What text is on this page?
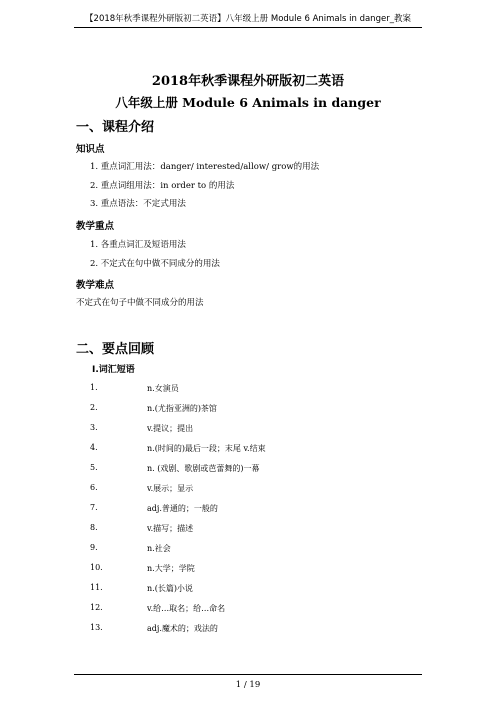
【2018年秋季课程外研版初二英语】八年级上册 Module 6 Animals in danger_教案
2018年秋季课程外研版初二英语
八年级上册 Module 6 Animals in danger
一、课程介绍
知识点
1. 重点词汇用法：danger/ interested/allow/ grow的用法
2. 重点词组用法：in order to 的用法
3. 重点语法：不定式用法
教学重点
1. 各重点词汇及短语用法
2. 不定式在句中做不同成分的用法
教学难点
不定式在句子中做不同成分的用法
二、要点回顾
Ⅰ.词汇短语
1.	n.女演员
2.	n.(尤指亚洲的)茶馆
3.	v.提议；提出
4.	n.(时间的)最后一段；末尾 v.结束
5.	n. (戏剧、歌剧或芭蕾舞的)一幕
6.	v.展示；显示
7.	adj.普通的；一般的
8.	v.描写；描述
9.	n.社会
10.	n.大学；学院
11.	n.(长篇)小说
12.	v.给…取名；给…命名
13.	adj.魔术的；戏法的
1 / 19
